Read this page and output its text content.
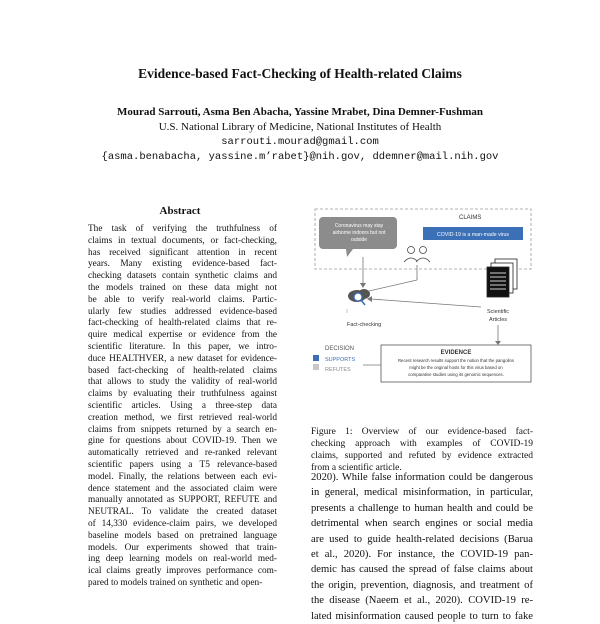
Evidence-based Fact-Checking of Health-related Claims
Mourad Sarrouti, Asma Ben Abacha, Yassine Mrabet, Dina Demner-Fushman
U.S. National Library of Medicine, National Institutes of Health
sarrouti.mourad@gmail.com
{asma.benabacha, yassine.m’rabet}@nih.gov, ddemner@mail.nih.gov
Abstract
The task of verifying the truthfulness of
claims in textual documents, or fact-checking,
has received significant attention in recent
years. Many existing evidence-based fact-
checking datasets contain synthetic claims and
the models trained on these data might not
be able to verify real-world claims. Partic-
ularly few studies addressed evidence-based
fact-checking of health-related claims that re-
quire medical expertise or evidence from the
scientific literature. In this paper, we intro-
duce HEALTHVER, a new dataset for evidence-
based fact-checking of health-related claims
that allows to study the validity of real-world
claims by evaluating their truthfulness against
scientific articles. Using a three-step data
creation method, we first retrieved real-world
claims from snippets returned by a search en-
gine for questions about COVID-19. Then we
automatically retrieved and re-ranked relevant
scientific papers using a T5 relevance-based
model. Finally, the relations between each evi-
dence statement and the associated claim were
manually annotated as SUPPORT, REFUTE and
NEUTRAL. To validate the created dataset
of 14,330 evidence-claim pairs, we developed
baseline models based on pretrained language
models. Our experiments showed that train-
ing deep learning models on real-world med-
ical claims greatly improves performance com-
pared to models trained on synthetic and open-
Coronavirus may stay
airborne indoors but not
outside
CLAIMS
COVID-19 is a man-made virus
Fact-checking
Scientific
Articles
DECISION
SUPPORTS
REFUTES
EVIDENCE
Recent research results support the notion that the pangolins
might be the original hosts for this virus based on
comparative studies using its genomic sequences.
Figure 1: Overview of our evidence-based fact-
checking approach with examples of COVID-19
claims, supported and refuted by evidence extracted
from a scientific article.
2020). While false information could be dangerous
in general, medical misinformation, in particular,
presents a challenge to human health and could be
detrimental when search engines or social media
are used to guide health-related decisions (Barua
et al., 2020). For instance, the COVID-19 pan-
demic has caused the spread of false claims about
the origin, prevention, diagnosis, and treatment of
the disease (Naeem et al., 2020). COVID-19 re-
lated misinformation caused people to turn to fake
